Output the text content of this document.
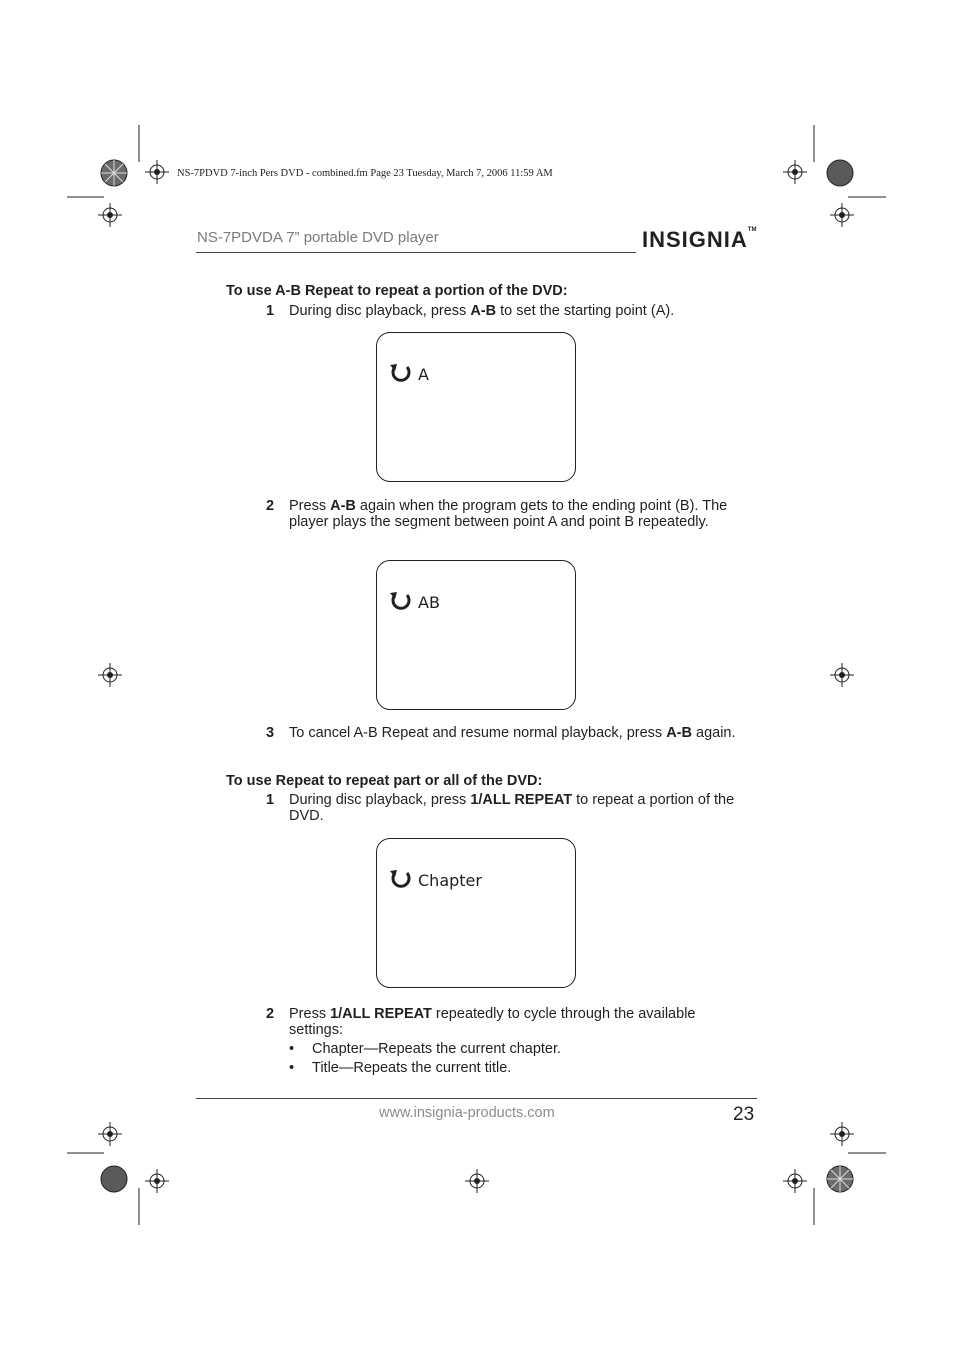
NS-7PDVD 7-inch Pers DVD - combined.fm Page 23 Tuesday, March 7, 2006 11:59 AM
NS-7PDVDA 7” portable DVD player	INSIGNIA™
To use A-B Repeat to repeat a portion of the DVD:
1 During disc playback, press A-B to set the starting point (A).
A
2 Press A-B again when the program gets to the ending point (B). The player plays the segment between point A and point B repeatedly.
AB
3 To cancel A-B Repeat and resume normal playback, press A-B again.
To use Repeat to repeat part or all of the DVD:
1 During disc playback, press 1/ALL REPEAT to repeat a portion of the DVD.
Chapter
2 Press 1/ALL REPEAT repeatedly to cycle through the available settings:
• Chapter—Repeats the current chapter.
• Title—Repeats the current title.
www.insignia-products.com	23
